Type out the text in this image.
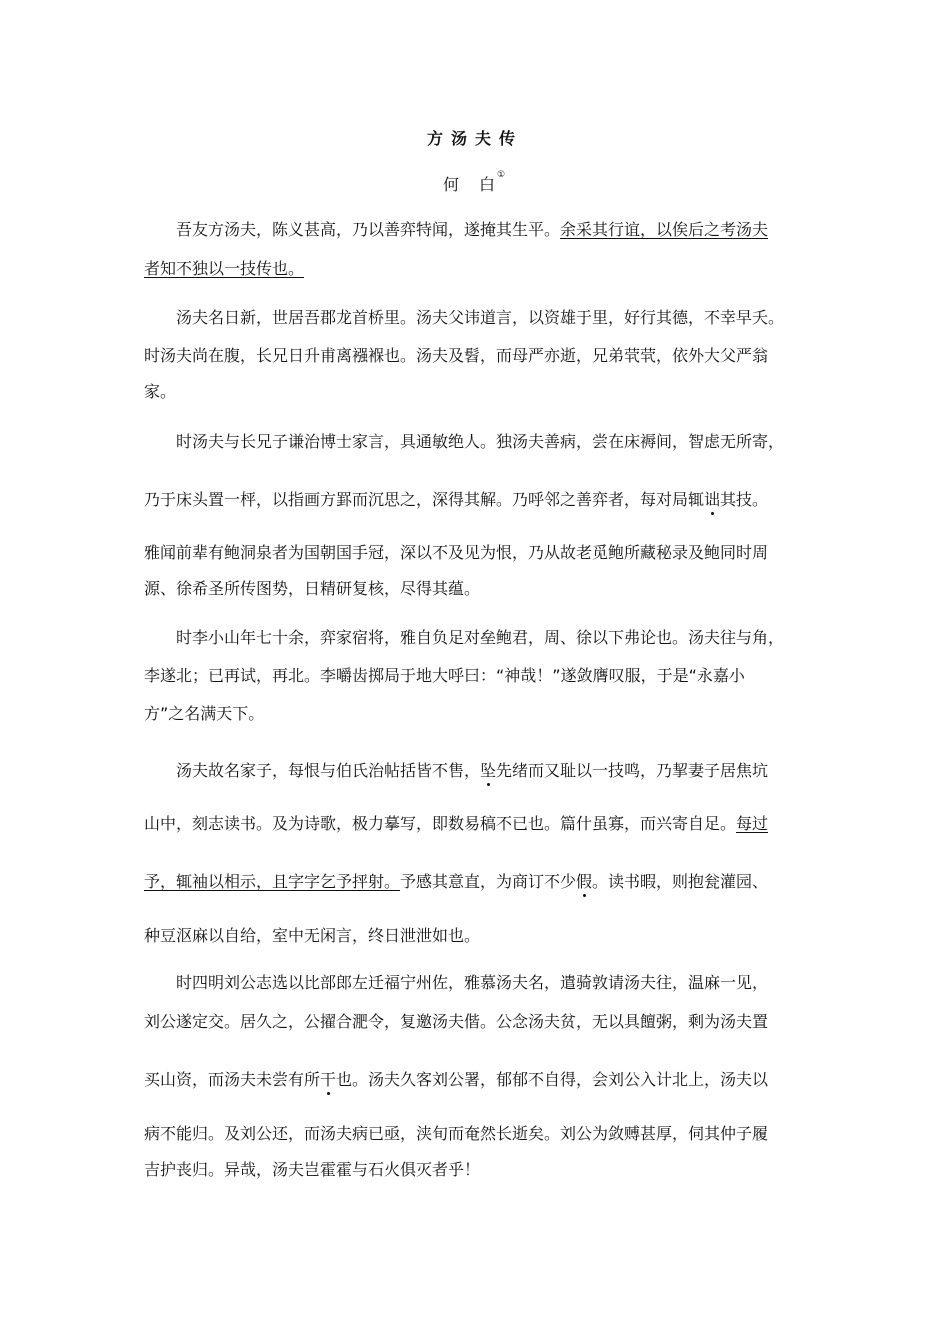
方汤夫传
何　白①
吾友方汤夫，陈义甚高，乃以善弈特闻，遂掩其生平。余采其行谊，以俟后之考汤夫
者知不独以一技传也。
汤夫名日新，世居吾郡龙首桥里。汤夫父讳道言，以资雄于里，好行其德，不幸早夭。
时汤夫尚在腹，长兄日升甫离襁褓也。汤夫及髫，而母严亦逝，兄弟茕茕，依外大父严翁
家。
时汤夫与长兄子谦治博士家言，具通敏绝人。独汤夫善病，尝在床褥间，智虑无所寄，
乃于床头置一枰，以指画方罫而沉思之，深得其解。乃呼邻之善弈者，每对局辄诎其技。
雅闻前辈有鲍洞泉者为国朝国手冠，深以不及见为恨，乃从故老觅鲍所藏秘录及鲍同时周
源、徐希圣所传图势，日精研复核，尽得其蕴。
时李小山年七十余，弈家宿将，雅自负足对垒鲍君，周、徐以下弗论也。汤夫往与角，
李遂北；已再试，再北。李嚼齿掷局于地大呼曰：“神哉！”遂敛膺叹服，于是“永嘉小
方”之名满天下。
汤夫故名家子，每恨与伯氏治帖括皆不售，坠先绪而又耻以一技鸣，乃挈妻子居焦坑
山中，刻志读书。及为诗歌，极力摹写，即数易稿不已也。篇什虽寡，而兴寄自足。每过
予，辄袖以相示，且字字乞予抨射。予感其意直，为商订不少假。读书暇，则抱瓮灌园、
种豆沤麻以自给，室中无闲言，终日泄泄如也。
时四明刘公志选以比部郎左迁福宁州佐，雅慕汤夫名，遣骑敦请汤夫往，温麻一见，
刘公遂定交。居久之，公擢合淝令，复邀汤夫偕。公念汤夫贫，无以具饘粥，剩为汤夫置
买山资，而汤夫未尝有所干也。汤夫久客刘公署，郁郁不自得，会刘公入计北上，汤夫以
病不能归。及刘公还，而汤夫病已亟，浃旬而奄然长逝矣。刘公为敛赙甚厚，伺其仲子履
吉护丧归。异哉，汤夫岂霍霍与石火俱灭者乎！
